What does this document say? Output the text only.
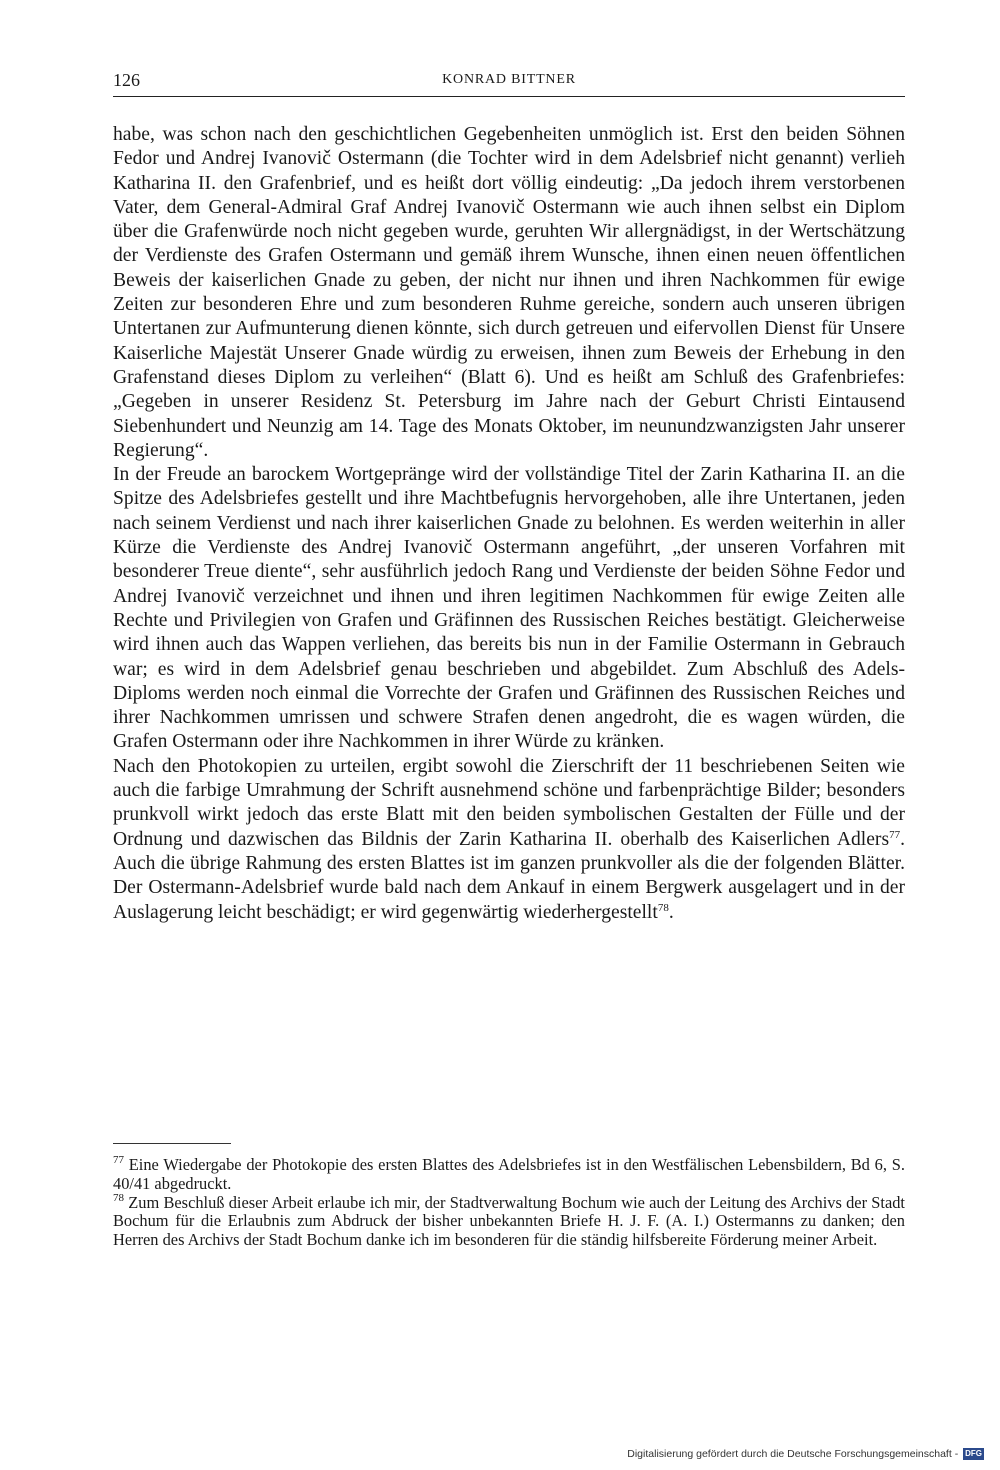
126	KONRAD BITTNER

habe, was schon nach den geschichtlichen Gegebenheiten unmöglich ist. Erst den beiden Söhnen Fedor und Andrej Ivanovič Ostermann (die Tochter wird in dem Adelsbrief nicht genannt) verlieh Katharina II. den Grafenbrief, und es heißt dort völlig eindeutig: „Da jedoch ihrem verstorbenen Vater, dem General-Admiral Graf Andrej Ivanovič Ostermann wie auch ihnen selbst ein Diplom über die Grafenwürde noch nicht gegeben wurde, geruhten Wir allergnädigst, in der Wertschätzung der Verdienste des Grafen Ostermann und gemäß ihrem Wunsche, ihnen einen neuen öffentlichen Beweis der kaiserlichen Gnade zu geben, der nicht nur ihnen und ihren Nachkommen für ewige Zeiten zur besonderen Ehre und zum besonderen Ruhme gereiche, sondern auch unseren übrigen Untertanen zur Aufmunterung dienen könnte, sich durch getreuen und eifervollen Dienst für Unsere Kaiserliche Majestät Unserer Gnade würdig zu erweisen, ihnen zum Beweis der Erhebung in den Grafenstand dieses Diplom zu verleihen“ (Blatt 6). Und es heißt am Schluß des Grafenbriefes: „Gegeben in unserer Residenz St. Petersburg im Jahre nach der Geburt Christi Eintausend Siebenhundert und Neunzig am 14. Tage des Monats Oktober, im neunundzwanzigsten Jahr unserer Regierung“.

In der Freude an barockem Wortgepränge wird der vollständige Titel der Zarin Katharina II. an die Spitze des Adelsbriefes gestellt und ihre Machtbefugnis hervorgehoben, alle ihre Untertanen, jeden nach seinem Verdienst und nach ihrer kaiserlichen Gnade zu belohnen. Es werden weiterhin in aller Kürze die Verdienste des Andrej Ivanovič Ostermann angeführt, „der unseren Vorfahren mit besonderer Treue diente“, sehr ausführlich jedoch Rang und Verdienste der beiden Söhne Fedor und Andrej Ivanovič verzeichnet und ihnen und ihren legitimen Nachkommen für ewige Zeiten alle Rechte und Privilegien von Grafen und Gräfinnen des Russischen Reiches bestätigt. Gleicherweise wird ihnen auch das Wappen verliehen, das bereits bis nun in der Familie Ostermann in Gebrauch war; es wird in dem Adelsbrief genau beschrieben und abgebildet. Zum Abschluß des Adels-Diploms werden noch einmal die Vorrechte der Grafen und Gräfinnen des Russischen Reiches und ihrer Nachkommen umrissen und schwere Strafen denen angedroht, die es wagen würden, die Grafen Ostermann oder ihre Nachkommen in ihrer Würde zu kränken.

Nach den Photokopien zu urteilen, ergibt sowohl die Zierschrift der 11 beschriebenen Seiten wie auch die farbige Umrahmung der Schrift ausnehmend schöne und farbenprächtige Bilder; besonders prunkvoll wirkt jedoch das erste Blatt mit den beiden symbolischen Gestalten der Fülle und der Ordnung und dazwischen das Bildnis der Zarin Katharina II. oberhalb des Kaiserlichen Adlers$^{77}$. Auch die übrige Rahmung des ersten Blattes ist im ganzen prunkvoller als die der folgenden Blätter. Der Ostermann-Adelsbrief wurde bald nach dem Ankauf in einem Bergwerk ausgelagert und in der Auslagerung leicht beschädigt; er wird gegenwärtig wiederhergestellt$^{78}$.

$^{77}$ Eine Wiedergabe der Photokopie des ersten Blattes des Adelsbriefes ist in den Westfälischen Lebensbildern, Bd 6, S. 40/41 abgedruckt.

$^{78}$ Zum Beschluß dieser Arbeit erlaube ich mir, der Stadtverwaltung Bochum wie auch der Leitung des Archivs der Stadt Bochum für die Erlaubnis zum Abdruck der bisher unbekannten Briefe H. J. F. (A. I.) Ostermanns zu danken; den Herren des Archivs der Stadt Bochum danke ich im besonderen für die ständig hilfsbereite Förderung meiner Arbeit.

Digitalisierung gefördert durch die Deutsche Forschungsgemeinschaft - DFG
